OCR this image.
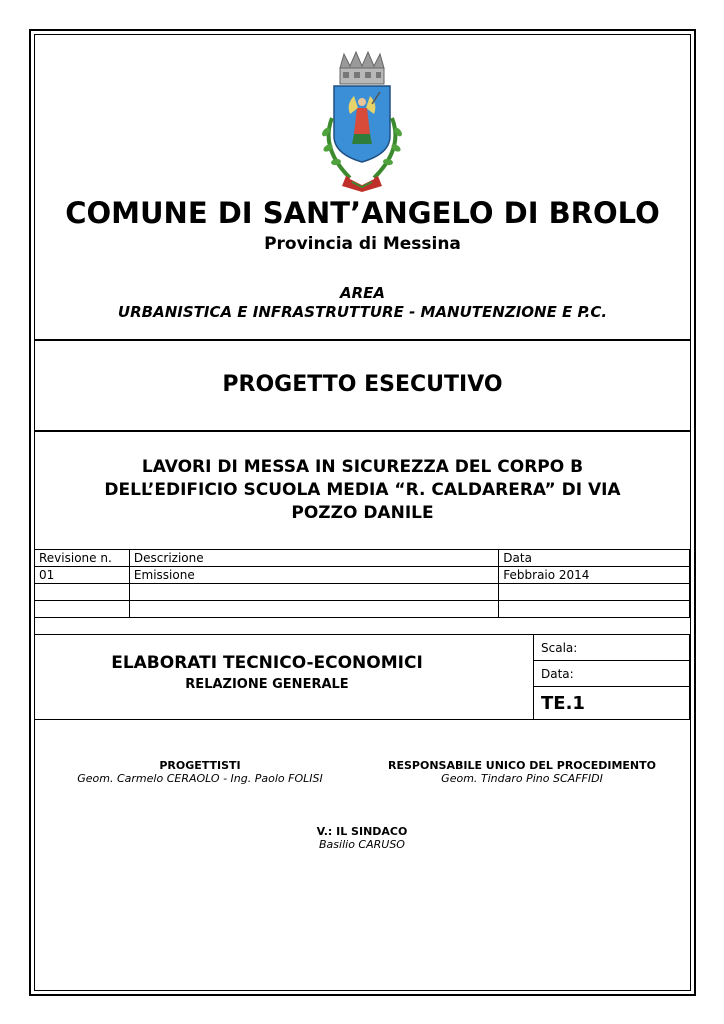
COMUNE DI SANT’ANGELO DI BROLO
Provincia di Messina
AREA
URBANISTICA E INFRASTRUTTURE - MANUTENZIONE E P.C.
PROGETTO ESECUTIVO
LAVORI DI MESSA IN SICUREZZA DEL CORPO B DELL’EDIFICIO SCUOLA MEDIA “R. CALDARERA” DI VIA POZZO DANILE
Revisione n.	Descrizione	Data
01	Emissione	Febbraio 2014

ELABORATI TECNICO-ECONOMICI
RELAZIONE GENERALE
Scala:
Data:
TE.1
PROGETTISTI
Geom. Carmelo CERAOLO - Ing. Paolo FOLISI
RESPONSABILE UNICO DEL PROCEDIMENTO
Geom. Tindaro Pino SCAFFIDI
V.: IL SINDACO
Basilio CARUSO
